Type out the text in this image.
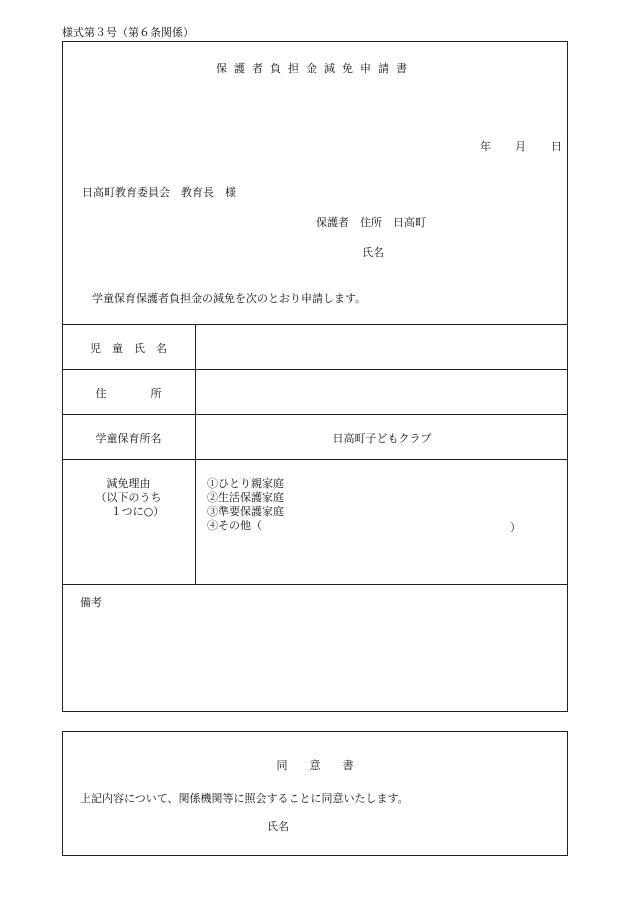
様式第３号（第６条関係）
保護者負担金減免申請書
年 月 日
日高町教育委員会　教育長　様
保護者　住所　日高町
氏名
学童保育保護者負担金の減免を次のとおり申請します。
児　童　氏　名
住　　　　所
学童保育所名	日高町子どもクラブ
減免理由
（以下のうち
１つに○）
①ひとり親家庭
②生活保護家庭
③準要保護家庭
④その他（	）
備考
同　　意　　書
上記内容について、関係機関等に照会することに同意いたします。
氏名
